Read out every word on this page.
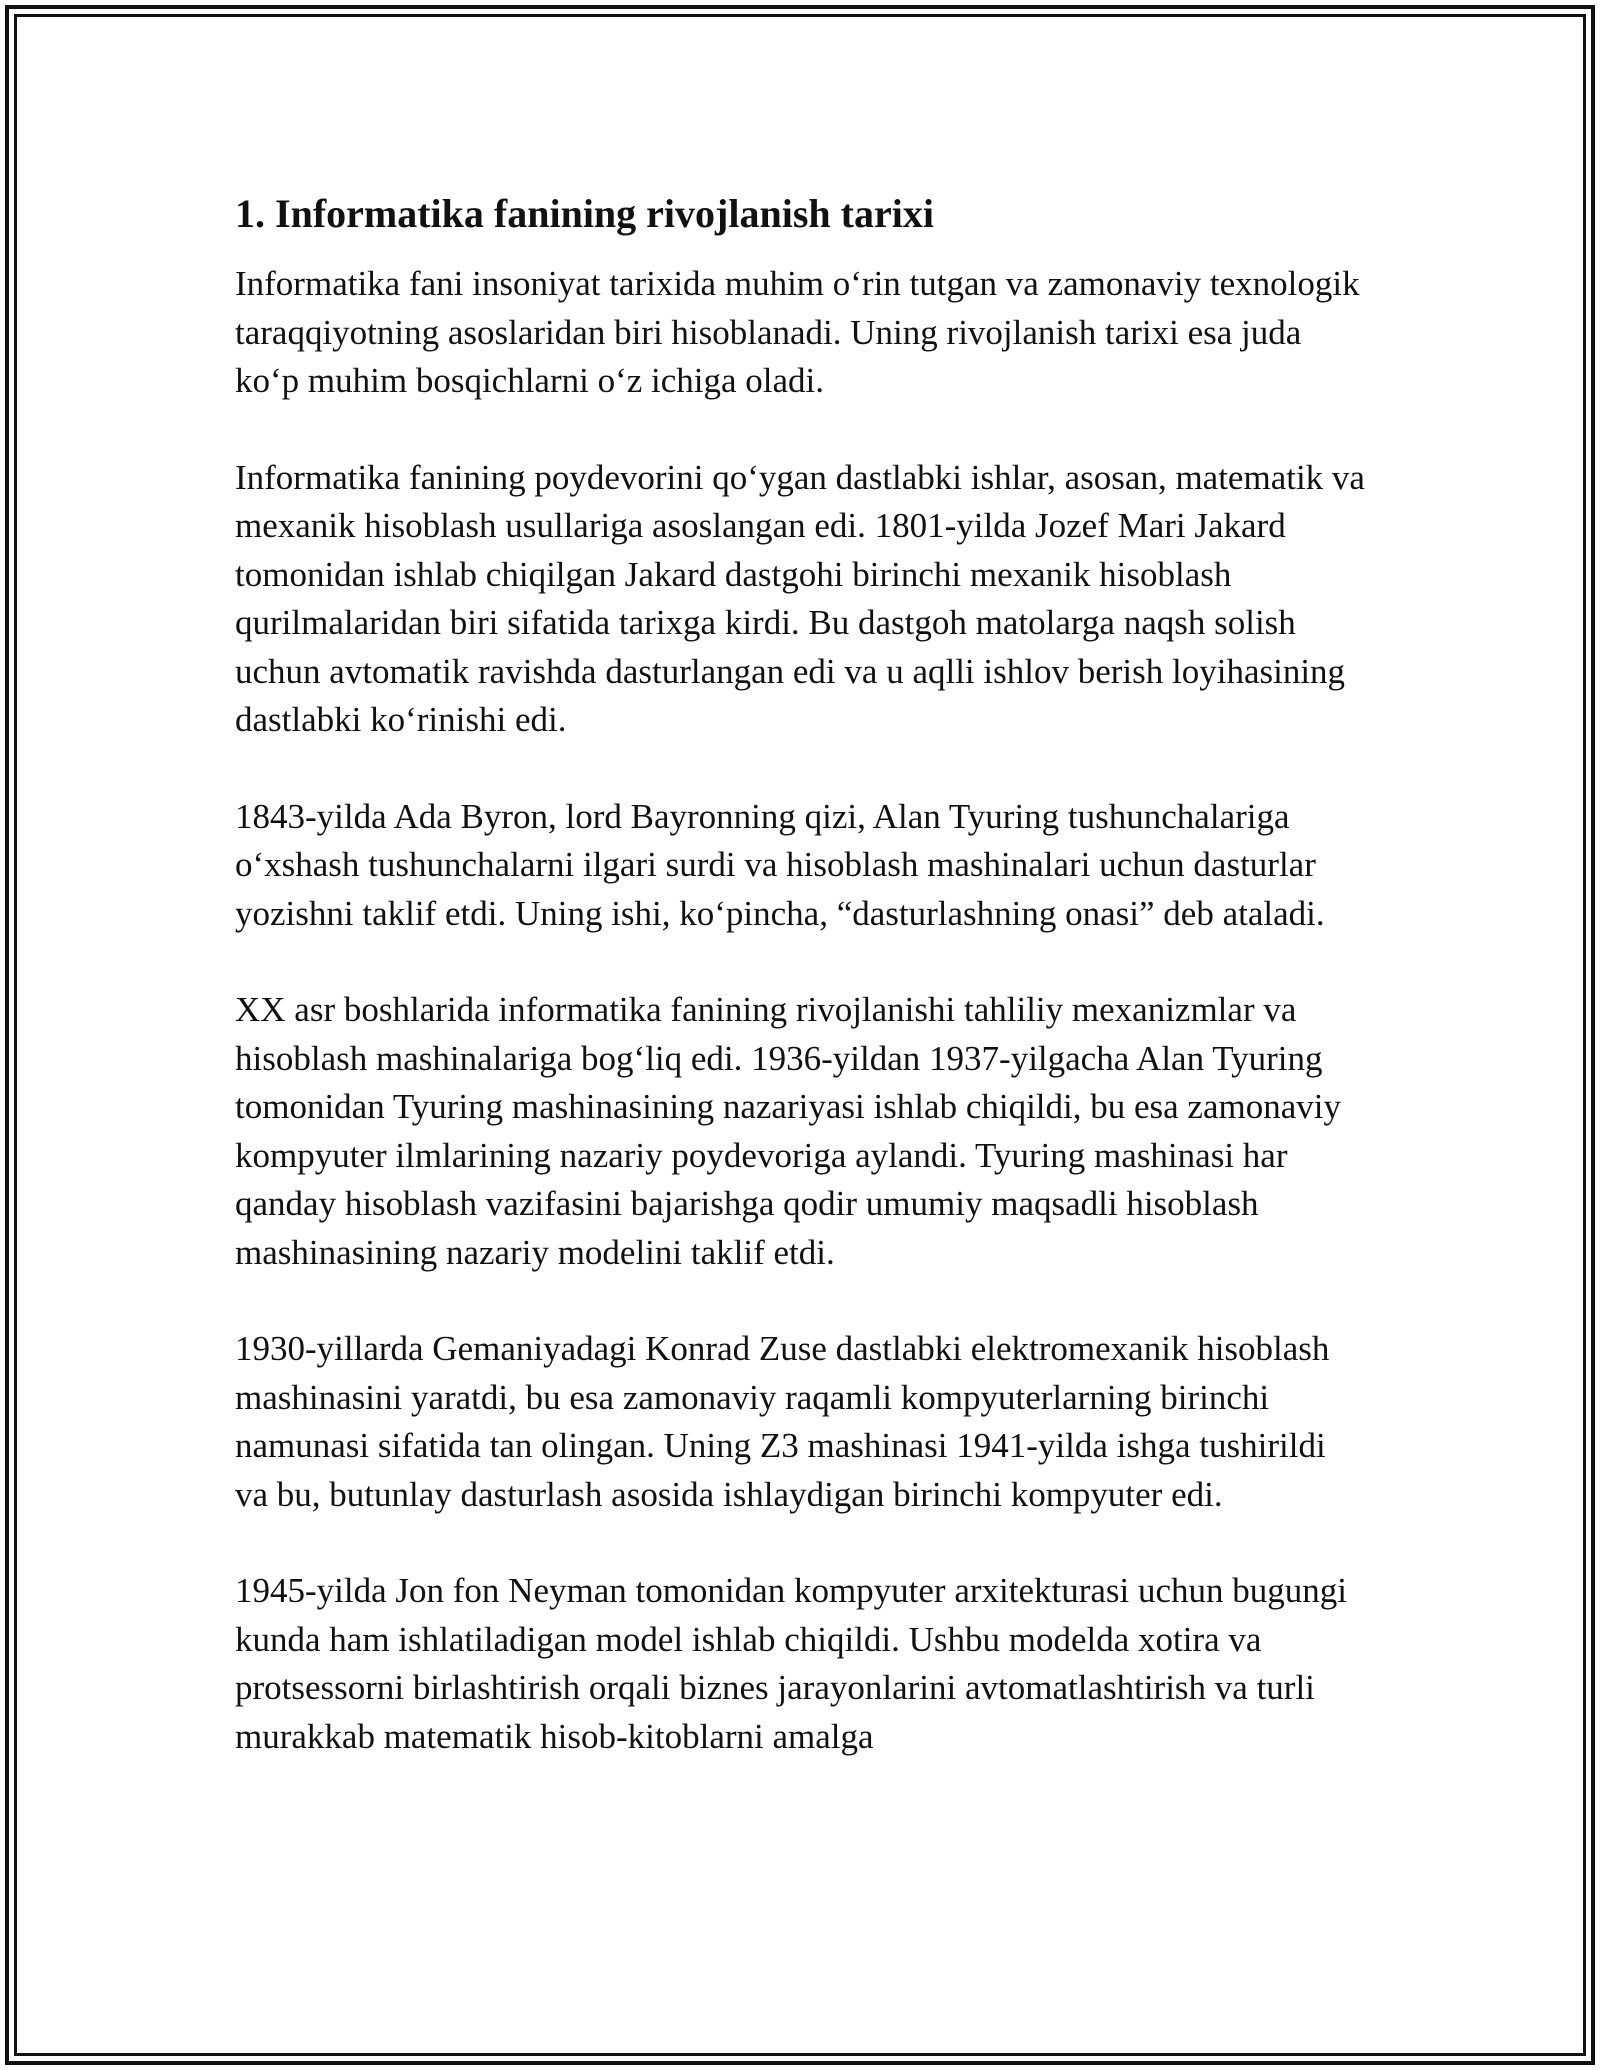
1. Informatika fanining rivojlanish tarixi

Informatika fani insoniyat tarixida muhim o‘rin tutgan va zamonaviy texnologik taraqqiyotning asoslaridan biri hisoblanadi. Uning rivojlanish tarixi esa juda ko‘p muhim bosqichlarni o‘z ichiga oladi.

Informatika fanining poydevorini qo‘ygan dastlabki ishlar, asosan, matematik va mexanik hisoblash usullariga asoslangan edi. 1801-yilda Jozef Mari Jakard tomonidan ishlab chiqilgan Jakard dastgohi birinchi mexanik hisoblash qurilmalaridan biri sifatida tarixga kirdi. Bu dastgoh matolarga naqsh solish uchun avtomatik ravishda dasturlangan edi va u aqlli ishlov berish loyihasining dastlabki ko‘rinishi edi.

1843-yilda Ada Byron, lord Bayronning qizi, Alan Tyuring tushunchalariga o‘xshash tushunchalarni ilgari surdi va hisoblash mashinalari uchun dasturlar yozishni taklif etdi. Uning ishi, ko‘pincha, “dasturlashning onasi” deb ataladi.

XX asr boshlarida informatika fanining rivojlanishi tahliliy mexanizmlar va hisoblash mashinalariga bog‘liq edi. 1936-yildan 1937-yilgacha Alan Tyuring tomonidan Tyuring mashinasining nazariyasi ishlab chiqildi, bu esa zamonaviy kompyuter ilmlarining nazariy poydevoriga aylandi. Tyuring mashinasi har qanday hisoblash vazifasini bajarishga qodir umumiy maqsadli hisoblash mashinasining nazariy modelini taklif etdi.

1930-yillarda Gemaniyadagi Konrad Zuse dastlabki elektromexanik hisoblash mashinasini yaratdi, bu esa zamonaviy raqamli kompyuterlarning birinchi namunasi sifatida tan olingan. Uning Z3 mashinasi 1941-yilda ishga tushirildi va bu, butunlay dasturlash asosida ishlaydigan birinchi kompyuter edi.

1945-yilda Jon fon Neyman tomonidan kompyuter arxitekturasi uchun bugungi kunda ham ishlatiladigan model ishlab chiqildi. Ushbu modelda xotira va protsessorni birlashtirish orqali biznes jarayonlarini avtomatlashtirish va turli murakkab matematik hisob-kitoblarni amalga
